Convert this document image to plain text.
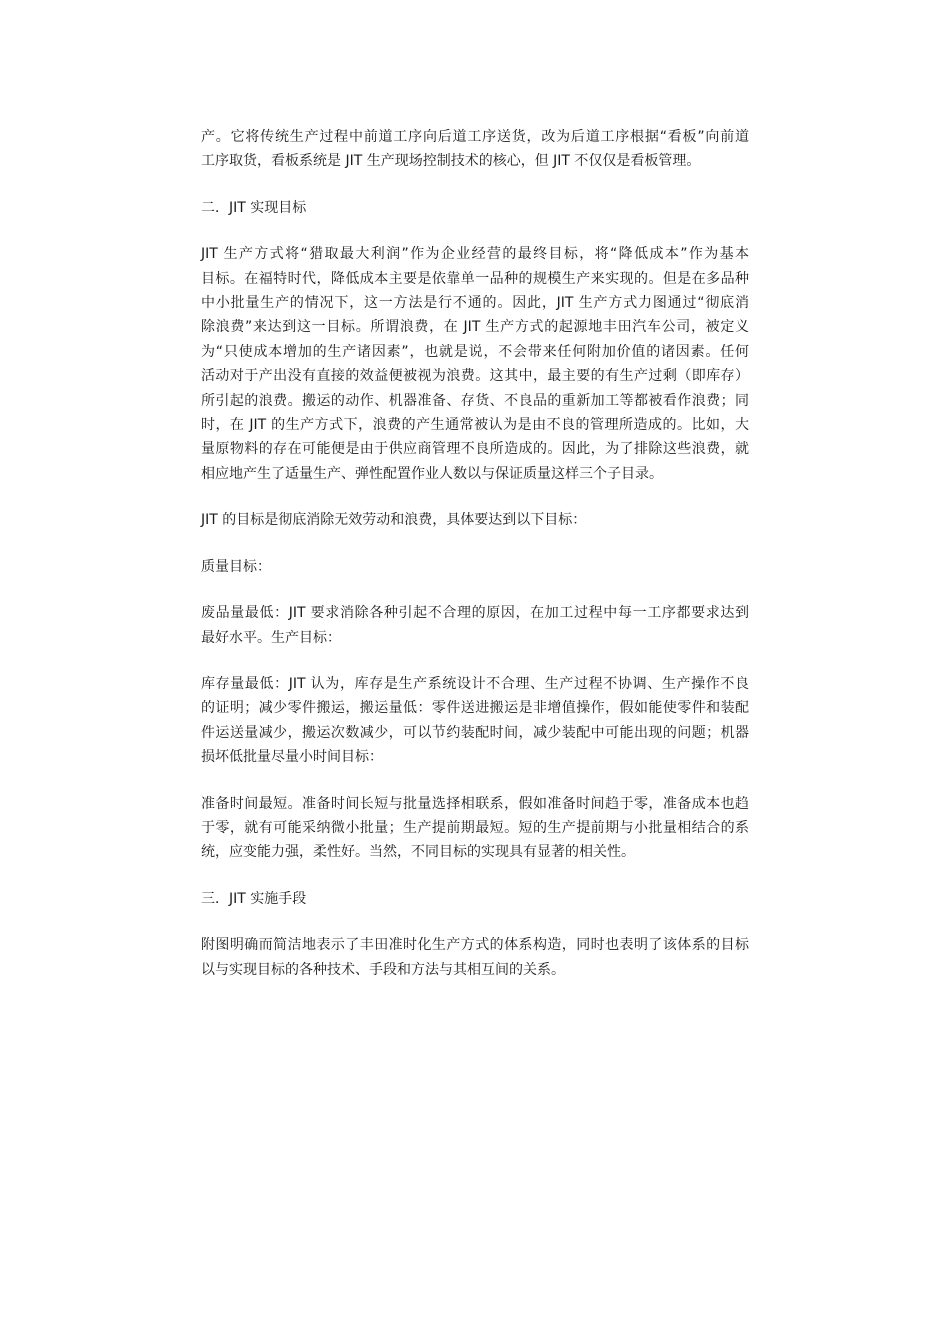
产。它将传统生产过程中前道工序向后道工序送货，改为后道工序根据“看板”向前道
工序取货，看板系统是 JIT 生产现场控制技术的核心，但 JIT 不仅仅是看板管理。

二．JIT 实现目标

JIT 生产方式将“猎取最大利润”作为企业经营的最终目标，将“降低成本”作为基本
目标。在福特时代，降低成本主要是依靠单一品种的规模生产来实现的。但是在多品种
中小批量生产的情况下，这一方法是行不通的。因此，JIT 生产方式力图通过“彻底消
除浪费”来达到这一目标。所谓浪费，在 JIT 生产方式的起源地丰田汽车公司，被定义
为“只使成本增加的生产诸因素”，也就是说，不会带来任何附加价值的诸因素。任何
活动对于产出没有直接的效益便被视为浪费。这其中，最主要的有生产过剩（即库存）
所引起的浪费。搬运的动作、机器准备、存货、不良品的重新加工等都被看作浪费；同
时，在 JIT 的生产方式下，浪费的产生通常被认为是由不良的管理所造成的。比如，大
量原物料的存在可能便是由于供应商管理不良所造成的。因此，为了排除这些浪费，就
相应地产生了适量生产、弹性配置作业人数以与保证质量这样三个子目录。

JIT 的目标是彻底消除无效劳动和浪费，具体要达到以下目标：

质量目标：

废品量最低：JIT 要求消除各种引起不合理的原因，在加工过程中每一工序都要求达到
最好水平。生产目标：

库存量最低：JIT 认为，库存是生产系统设计不合理、生产过程不协调、生产操作不良
的证明；减少零件搬运，搬运量低：零件送进搬运是非增值操作，假如能使零件和装配
件运送量减少，搬运次数减少，可以节约装配时间，减少装配中可能出现的问题；机器
损坏低批量尽量小时间目标：

准备时间最短。准备时间长短与批量选择相联系，假如准备时间趋于零，准备成本也趋
于零，就有可能采纳微小批量；生产提前期最短。短的生产提前期与小批量相结合的系
统，应变能力强，柔性好。当然，不同目标的实现具有显著的相关性。

三．JIT 实施手段

附图明确而简洁地表示了丰田准时化生产方式的体系构造，同时也表明了该体系的目标
以与实现目标的各种技术、手段和方法与其相互间的关系。
